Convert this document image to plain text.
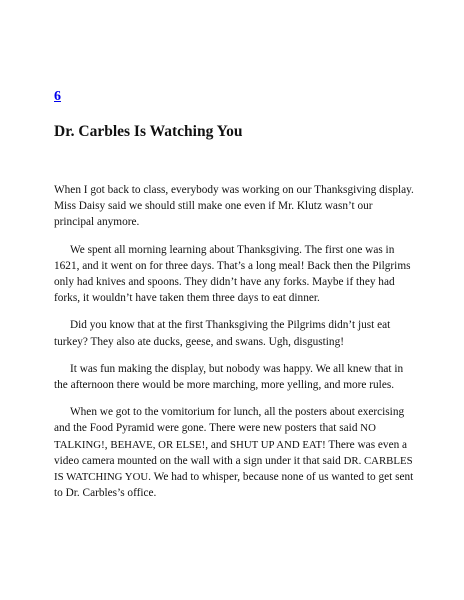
6
Dr. Carbles Is Watching You

When I got back to class, everybody was working on our Thanksgiving display. Miss Daisy said we should still make one even if Mr. Klutz wasn’t our principal anymore.

We spent all morning learning about Thanksgiving. The first one was in 1621, and it went on for three days. That’s a long meal! Back then the Pilgrims only had knives and spoons. They didn’t have any forks. Maybe if they had forks, it wouldn’t have taken them three days to eat dinner.

Did you know that at the first Thanksgiving the Pilgrims didn’t just eat turkey? They also ate ducks, geese, and swans. Ugh, disgusting!

It was fun making the display, but nobody was happy. We all knew that in the afternoon there would be more marching, more yelling, and more rules.

When we got to the vomitorium for lunch, all the posters about exercising and the Food Pyramid were gone. There were new posters that said NO TALKING!, BEHAVE, OR ELSE!, and SHUT UP AND EAT! There was even a video camera mounted on the wall with a sign under it that said DR. CARBLES IS WATCHING YOU. We had to whisper, because none of us wanted to get sent to Dr. Carbles’s office.
